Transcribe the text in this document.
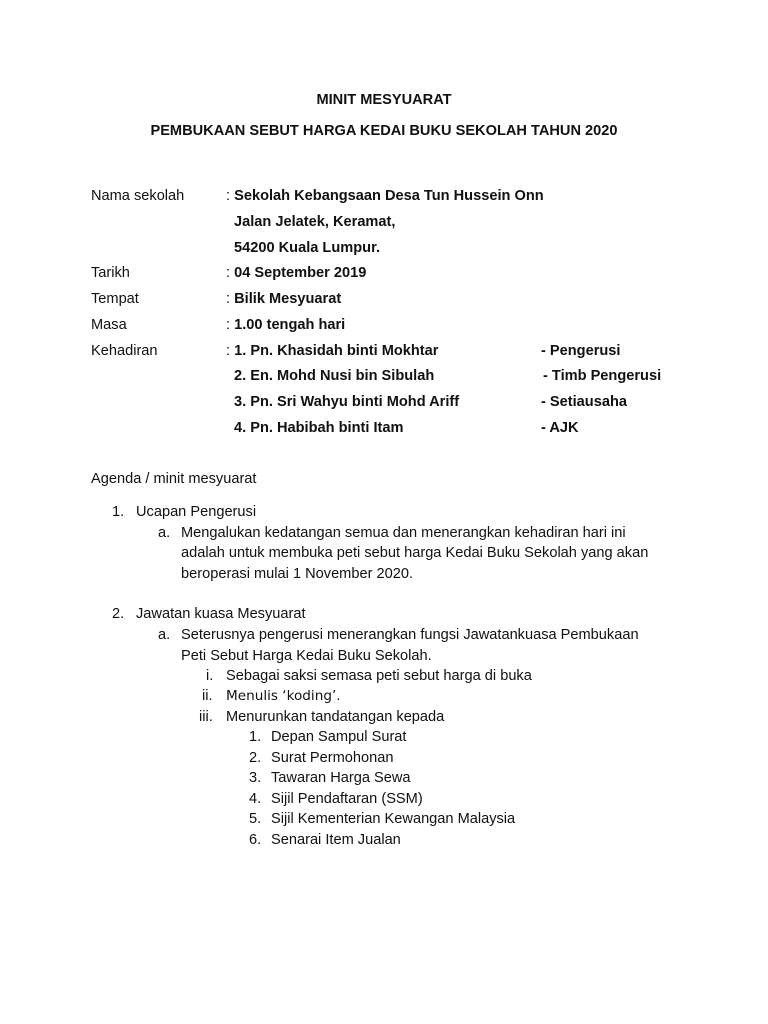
MINIT MESYUARAT
PEMBUKAAN SEBUT HARGA KEDAI BUKU SEKOLAH TAHUN 2020
Nama sekolah	: Sekolah Kebangsaan Desa Tun Hussein Onn
Jalan Jelatek, Keramat,
54200 Kuala Lumpur.
Tarikh	: 04 September 2019
Tempat	: Bilik Mesyuarat
Masa	: 1.00 tengah hari
Kehadiran	: 1. Pn. Khasidah binti Mokhtar	- Pengerusi
2. En. Mohd Nusi bin Sibulah	- Timb Pengerusi
3. Pn. Sri Wahyu binti Mohd Ariff	- Setiausaha
4. Pn. Habibah binti Itam	- AJK
Agenda / minit mesyuarat
1. Ucapan Pengerusi
a. Mengalukan kedatangan semua dan menerangkan kehadiran hari ini
adalah untuk membuka peti sebut harga Kedai Buku Sekolah yang akan
beroperasi mulai 1 November 2020.
2. Jawatan kuasa Mesyuarat
a. Seterusnya pengerusi menerangkan fungsi Jawatankuasa Pembukaan
Peti Sebut Harga Kedai Buku Sekolah.
i. Sebagai saksi semasa peti sebut harga di buka
ii. Menulis ‘koding’.
iii. Menurunkan tandatangan kepada
1. Depan Sampul Surat
2. Surat Permohonan
3. Tawaran Harga Sewa
4. Sijil Pendaftaran (SSM)
5. Sijil Kementerian Kewangan Malaysia
6. Senarai Item Jualan
